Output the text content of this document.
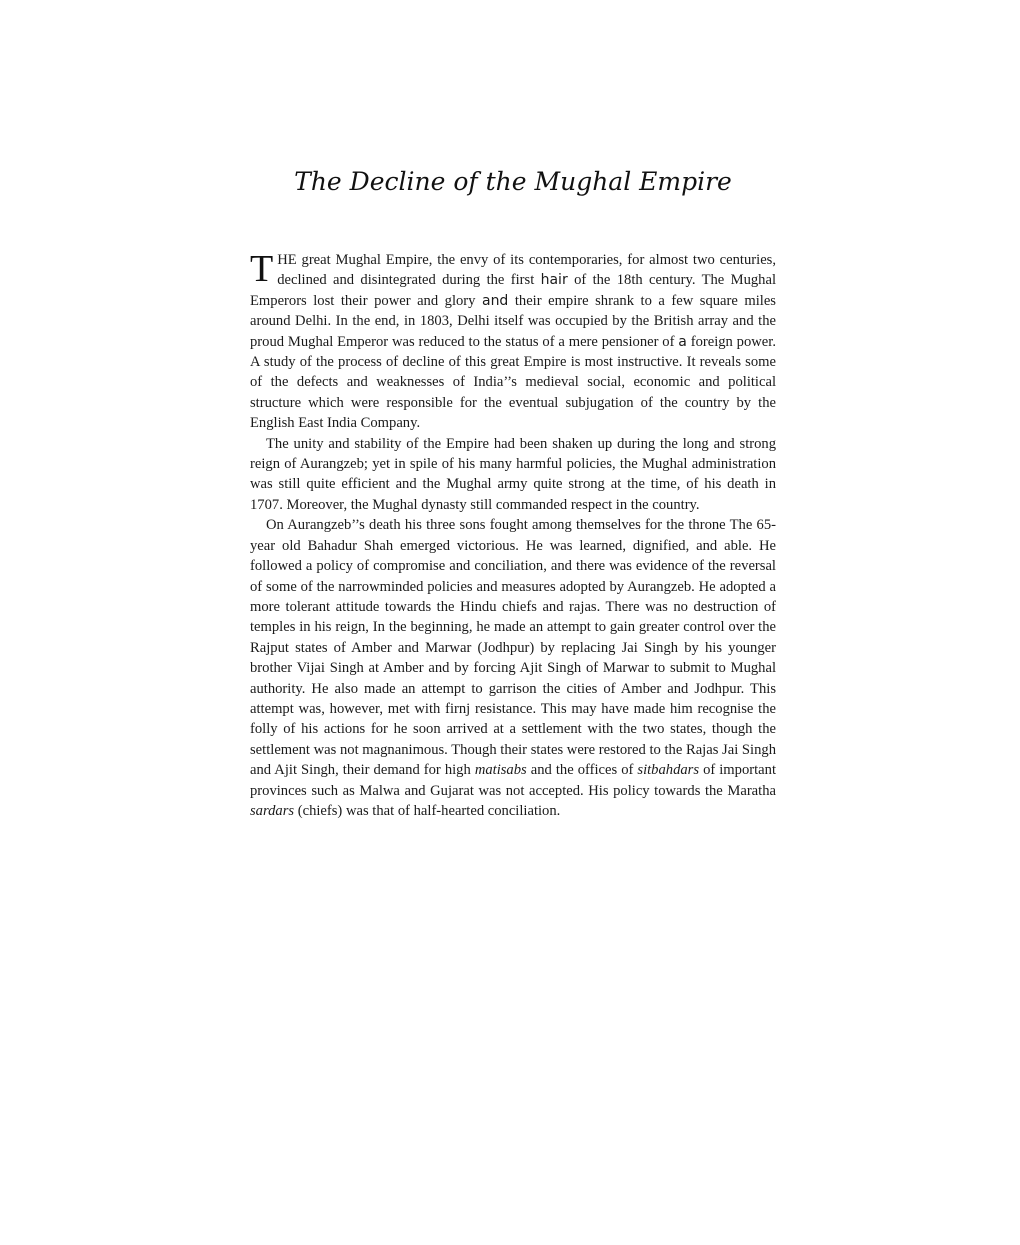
The Decline of the Mughal Empire

THE great Mughal Empire, the envy of its contemporaries, for almost two centuries, declined and disintegrated during the first hair of the 18th century. The Mughal Emperors lost their power and glory and their empire shrank to a few square miles around Delhi. In the end, in 1803, Delhi itself was occupied by the British array and the proud Mughal Emperor was reduced to the status of a mere pensioner of a foreign power. A study of the process of decline of this great Empire is most instructive. It reveals some of the defects and weaknesses of India’’s medieval social, economic and political structure which were responsible for the eventual subjugation of the country by the English East India Company.

The unity and stability of the Empire had been shaken up during the long and strong reign of Aurangzeb; yet in spile of his many harmful policies, the Mughal administration was still quite efficient and the Mughal army quite strong at the time, of his death in 1707. Moreover, the Mughal dynasty still commanded respect in the country.

On Aurangzeb’’s death his three sons fought among themselves for the throne The 65-year old Bahadur Shah emerged victorious. He was learned, dignified, and able. He followed a policy of compromise and conciliation, and there was evidence of the reversal of some of the narrowminded policies and measures adopted by Aurangzeb. He adopted a more tolerant attitude towards the Hindu chiefs and rajas. There was no destruction of temples in his reign, In the beginning, he made an attempt to gain greater control over the Rajput states of Amber and Marwar (Jodhpur) by replacing Jai Singh by his younger brother Vijai Singh at Amber and by forcing Ajit Singh of Marwar to submit to Mughal authority. He also made an attempt to garrison the cities of Amber and Jodhpur. This attempt was, however, met with firnj resistance. This may have made him recognise the folly of his actions for he soon arrived at a settlement with the two states, though the settlement was not magnanimous. Though their states were restored to the Rajas Jai Singh and Ajit Singh, their demand for high matisabs and the offices of sitbahdars of important provinces such as Malwa and Gujarat was not accepted. His policy towards the Maratha sardars (chiefs) was that of half-hearted conciliation.
